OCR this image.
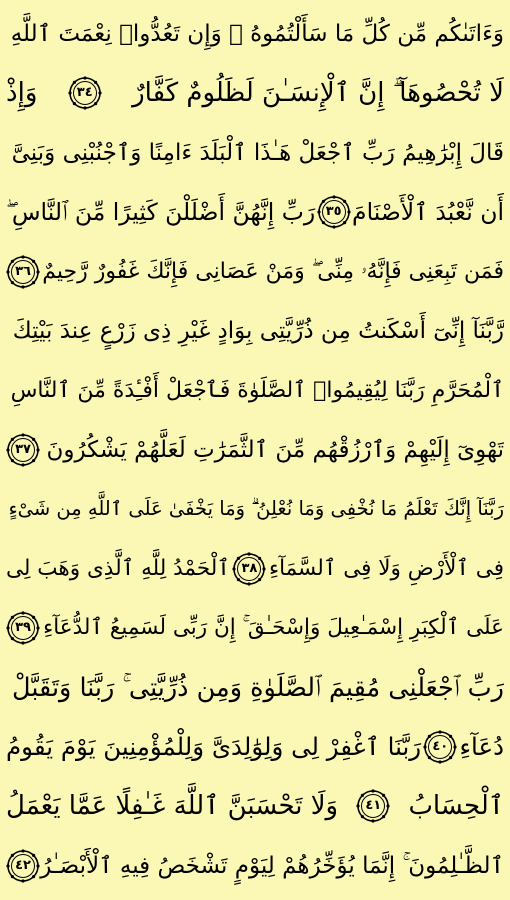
وَءَاتَىٰكُم مِّن كُلِّ مَا سَأَلْتُمُوهُ ۚ وَإِن تَعُدُّوا۟ نِعْمَتَ ٱللَّهِ
لَا تُحْصُوهَآ ۗ إِنَّ ٱلْإِنسَـٰنَ لَظَلُومٌ كَفَّارٌ
٣٤
وَإِذْ
قَالَ إِبْرَٰهِيمُ رَبِّ ٱجْعَلْ هَـٰذَا ٱلْبَلَدَ ءَامِنًا وَٱجْنُبْنِى وَبَنِىَّ
أَن نَّعْبُدَ ٱلْأَصْنَامَ
٣٥
رَبِّ إِنَّهُنَّ أَضْلَلْنَ كَثِيرًا مِّنَ ٱلنَّاسِ ۖ
فَمَن تَبِعَنِى فَإِنَّهُۥ مِنِّى ۖ وَمَنْ عَصَانِى فَإِنَّكَ غَفُورٌ رَّحِيمٌ
٣٦
رَّبَّنَآ إِنِّىٓ أَسْكَنتُ مِن ذُرِّيَّتِى بِوَادٍ غَيْرِ ذِى زَرْعٍ عِندَ بَيْتِكَ
ٱلْمُحَرَّمِ رَبَّنَا لِيُقِيمُوا۟ ٱلصَّلَوٰةَ فَٱجْعَلْ أَفْـِٔدَةً مِّنَ ٱلنَّاسِ
تَهْوِىٓ إِلَيْهِمْ وَٱرْزُقْهُم مِّنَ ٱلثَّمَرَٰتِ لَعَلَّهُمْ يَشْكُرُونَ
٣٧
رَبَّنَآ إِنَّكَ تَعْلَمُ مَا نُخْفِى وَمَا نُعْلِنُ ۗ وَمَا يَخْفَىٰ عَلَى ٱللَّهِ مِن شَىْءٍ
فِى ٱلْأَرْضِ وَلَا فِى ٱلسَّمَآءِ
٣٨
ٱلْحَمْدُ لِلَّهِ ٱلَّذِى وَهَبَ لِى
عَلَى ٱلْكِبَرِ إِسْمَـٰعِيلَ وَإِسْحَـٰقَ ۚ إِنَّ رَبِّى لَسَمِيعُ ٱلدُّعَآءِ
٣٩
رَبِّ ٱجْعَلْنِى مُقِيمَ ٱلصَّلَوٰةِ وَمِن ذُرِّيَّتِى ۚ رَبَّنَا وَتَقَبَّلْ
دُعَآءِ
٤٠
رَبَّنَا ٱغْفِرْ لِى وَلِوَٰلِدَىَّ وَلِلْمُؤْمِنِينَ يَوْمَ يَقُومُ
ٱلْحِسَابُ
٤١
وَلَا تَحْسَبَنَّ ٱللَّهَ غَـٰفِلًا عَمَّا يَعْمَلُ
ٱلظَّـٰلِمُونَ ۚ إِنَّمَا يُؤَخِّرُهُمْ لِيَوْمٍ تَشْخَصُ فِيهِ ٱلْأَبْصَـٰرُ
٤٢
